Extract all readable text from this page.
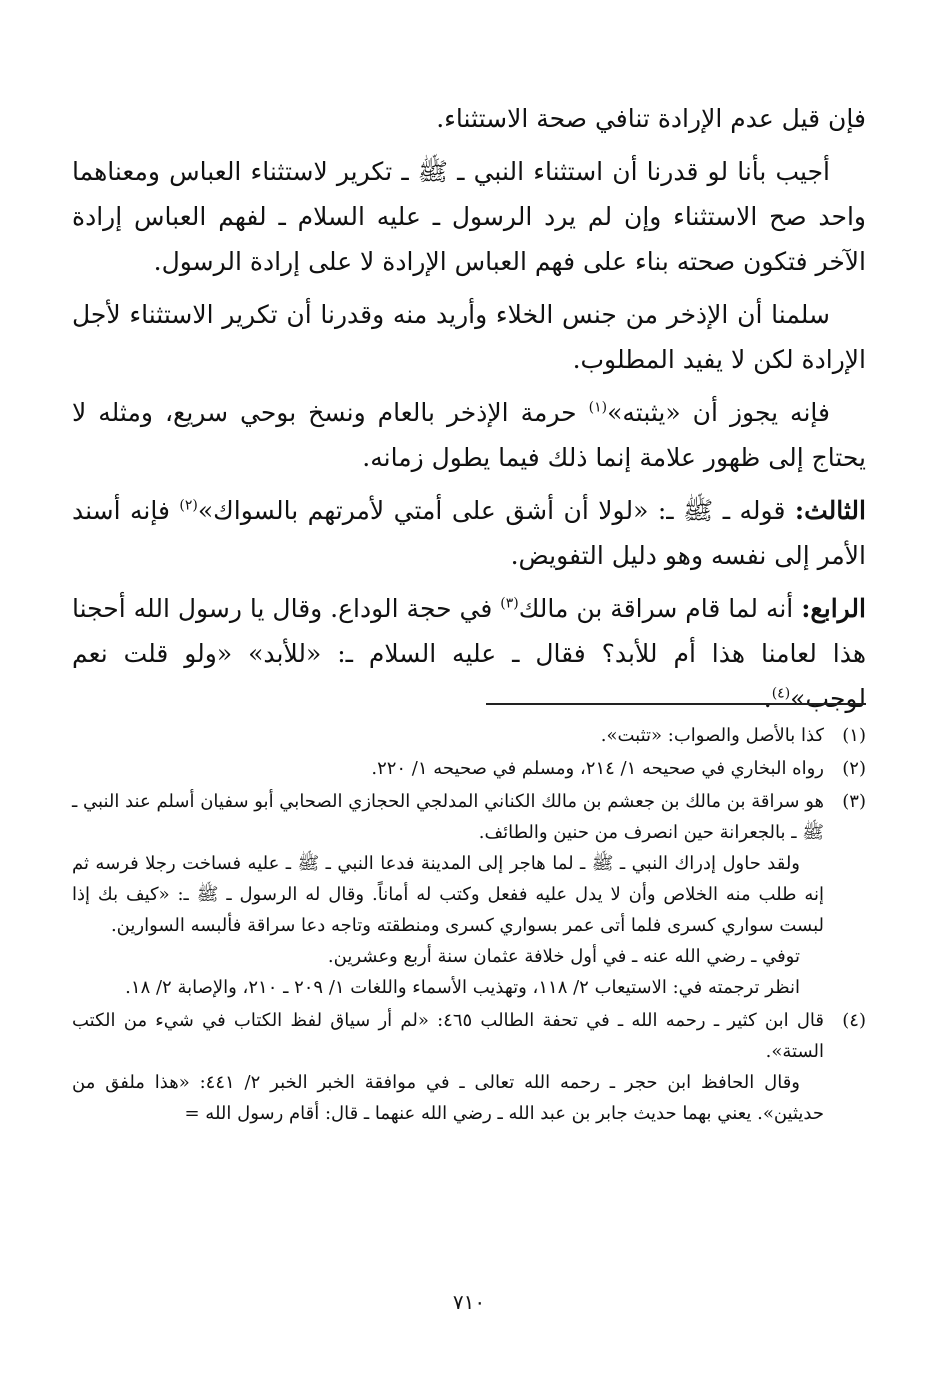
فإن قيل عدم الإرادة تنافي صحة الاستثناء.

أجيب بأنا لو قدرنا أن استثناء النبي ـ ﷺ ـ تكرير لاستثناء العباس ومعناهما واحد صح الاستثناء وإن لم يرد الرسول ـ عليه السلام ـ لفهم العباس إرادة الآخر فتكون صحته بناء على فهم العباس الإرادة لا على إرادة الرسول.

سلمنا أن الإذخر من جنس الخلاء وأريد منه وقدرنا أن تكرير الاستثناء لأجل الإرادة لكن لا يفيد المطلوب.

فإنه يجوز أن «يثبته»$^{(١)}$ حرمة الإذخر بالعام ونسخ بوحي سريع، ومثله لا يحتاج إلى ظهور علامة إنما ذلك فيما يطول زمانه.

الثالث: قوله ـ ﷺ ـ: «لولا أن أشق على أمتي لأمرتهم بالسواك»$^{(٢)}$ فإنه أسند الأمر إلى نفسه وهو دليل التفويض.

الرابع: أنه لما قام سراقة بن مالك$^{(٣)}$ في حجة الوداع. وقال يا رسول الله أحجنا هذا لعامنا هذا أم للأبد؟ فقال ـ عليه السلام ـ: «للأبد» «ولو قلت نعم لوجب»$^{(٤)}$.

(١)
كذا بالأصل والصواب: «تثبت».
(٢)
رواه البخاري في صحيحه ١/ ٢١٤، ومسلم في صحيحه ١/ ٢٢٠.
(٣)
هو سراقة بن مالك بن جعشم بن مالك الكناني المدلجي الحجازي الصحابي أبو سفيان أسلم عند النبي ـ ﷺ ـ بالجعرانة حين انصرف من حنين والطائف.
ولقد حاول إدراك النبي ـ ﷺ ـ لما هاجر إلى المدينة فدعا النبي ـ ﷺ ـ عليه فساخت رجلا فرسه ثم إنه طلب منه الخلاص وأن لا يدل عليه ففعل وكتب له أماناً. وقال له الرسول ـ ﷺ ـ: «كيف بك إذا لبست سواري كسرى فلما أتى عمر بسواري كسرى ومنطقته وتاجه دعا سراقة فألبسه السوارين.
توفي ـ رضي الله عنه ـ في أول خلافة عثمان سنة أربع وعشرين.
انظر ترجمته في: الاستيعاب ٢/ ١١٨، وتهذيب الأسماء واللغات ١/ ٢٠٩ ـ ٢١٠، والإصابة ٢/ ١٨.
(٤)
قال ابن كثير ـ رحمه الله ـ في تحفة الطالب ٤٦٥: «لم أر سياق لفظ الكتاب في شيء من الكتب الستة».
وقال الحافظ ابن حجر ـ رحمه الله تعالى ـ في موافقة الخبر الخبر ٢/ ٤٤١: «هذا ملفق من حديثين». يعني بهما حديث جابر بن عبد الله ـ رضي الله عنهما ـ قال: أقام رسول الله =
٧١٠
